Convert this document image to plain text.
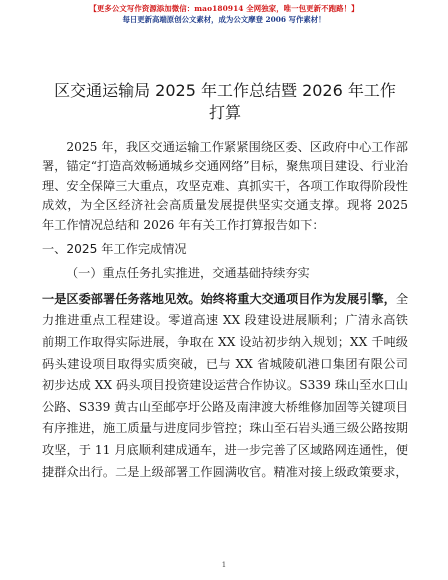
【更多公文写作资源添加微信：mao180914 全网独家，唯一包更新不跑路！】
每日更新高端原创公文素材，成为公文摩登 2006 写作素材！
区交通运输局 2025 年工作总结暨 2026 年工作
打算

2025 年，我区交通运输工作紧紧围绕区委、区政府中心工作部署，锚定“打造高效畅通城乡交通网络”目标，聚焦项目建设、行业治理、安全保障三大重点，攻坚克难、真抓实干，各项工作取得阶段性成效，为全区经济社会高质量发展提供坚实交通支撑。现将 2025 年工作情况总结和 2026 年有关工作打算报告如下：

一、2025 年工作完成情况
（一）重点任务扎实推进，交通基础持续夯实

一是区委部署任务落地见效。始终将重大交通项目作为发展引擎，全力推进重点工程建设。零道高速 XX 段建设进展顺利；广清永高铁前期工作取得实际进展，争取在 XX 设站初步纳入规划；XX 千吨级码头建设项目取得实质突破，已与 XX 省城陵矶港口集团有限公司初步达成 XX 码头项目投资建设运营合作协议。S339 珠山至水口山公路、S339 黄古山至邮亭圩公路及南津渡大桥维修加固等关键项目有序推进，施工质量与进度同步管控；珠山至石岩头通三级公路按期攻坚，于 11 月底顺利建成通车，进一步完善了区域路网连通性，便捷群众出行。二是上级部署工作圆满收官。精准对接上级政策要求，

1
